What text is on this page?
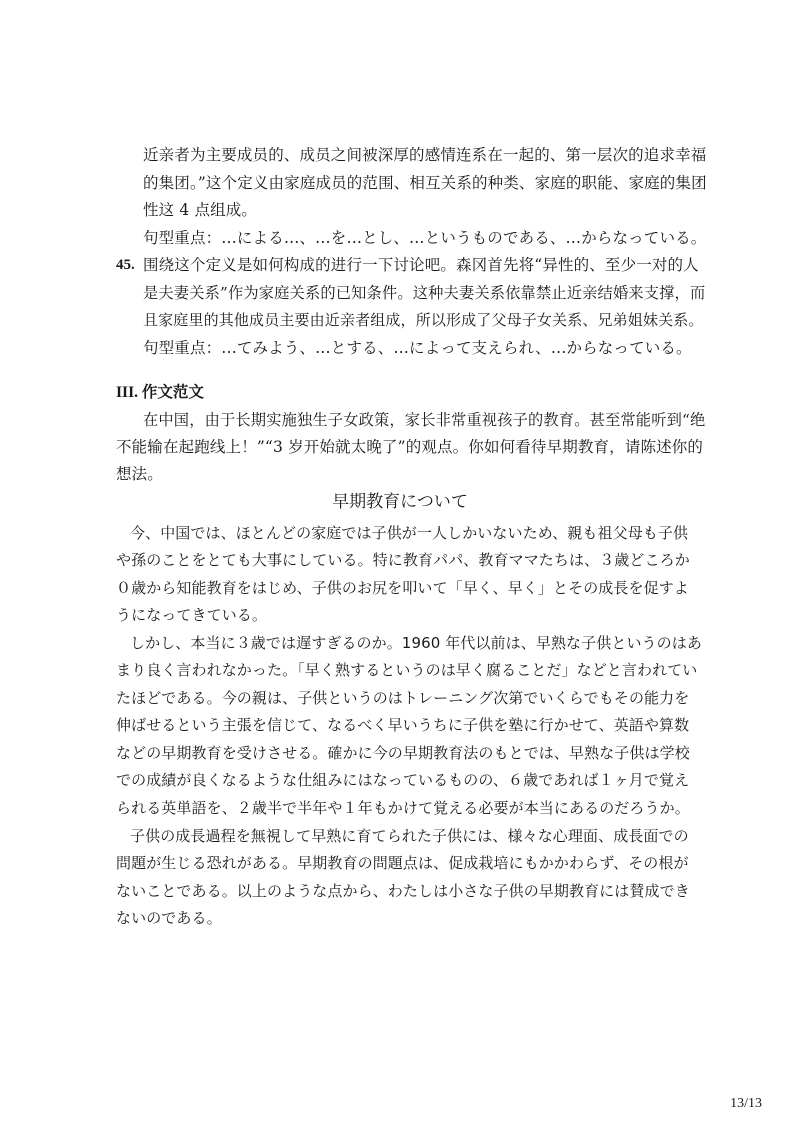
近亲者为主要成员的、成员之间被深厚的感情连系在一起的、第一层次的追求幸福
的集团。”这个定义由家庭成员的范围、相互关系的种类、家庭的职能、家庭的集团
性这 4 点组成。
句型重点：…による…、…を…とし、…というものである、…からなっている。
45. 围绕这个定义是如何构成的进行一下讨论吧。森冈首先将“异性的、至少一对的人
是夫妻关系”作为家庭关系的已知条件。这种夫妻关系依靠禁止近亲结婚来支撑，而
且家庭里的其他成员主要由近亲者组成，所以形成了父母子女关系、兄弟姐妹关系。
句型重点：…てみよう、…とする、…によって支えられ、…からなっている。
III. 作文范文
在中国，由于长期实施独生子女政策，家长非常重视孩子的教育。甚至常能听到“绝
不能输在起跑线上！”“3 岁开始就太晚了”的观点。你如何看待早期教育，请陈述你的
想法。
早期教育について
今、中国では、ほとんどの家庭では子供が一人しかいないため、親も祖父母も子供
や孫のことをとても大事にしている。特に教育パパ、教育ママたちは、３歳どころか
０歳から知能教育をはじめ、子供のお尻を叩いて「早く、早く」とその成長を促すよ
うになってきている。
しかし、本当に３歳では遅すぎるのか。1960 年代以前は、早熟な子供というのはあ
まり良く言われなかった。「早く熟するというのは早く腐ることだ」などと言われてい
たほどである。今の親は、子供というのはトレーニング次第でいくらでもその能力を
伸ばせるという主張を信じて、なるべく早いうちに子供を塾に行かせて、英語や算数
などの早期教育を受けさせる。確かに今の早期教育法のもとでは、早熟な子供は学校
での成績が良くなるような仕組みにはなっているものの、６歳であれば１ヶ月で覚え
られる英単語を、２歳半で半年や１年もかけて覚える必要が本当にあるのだろうか。
子供の成長過程を無視して早熟に育てられた子供には、様々な心理面、成長面での
問題が生じる恐れがある。早期教育の問題点は、促成栽培にもかかわらず、その根が
ないことである。以上のような点から、わたしは小さな子供の早期教育には賛成でき
ないのである。
13/13
